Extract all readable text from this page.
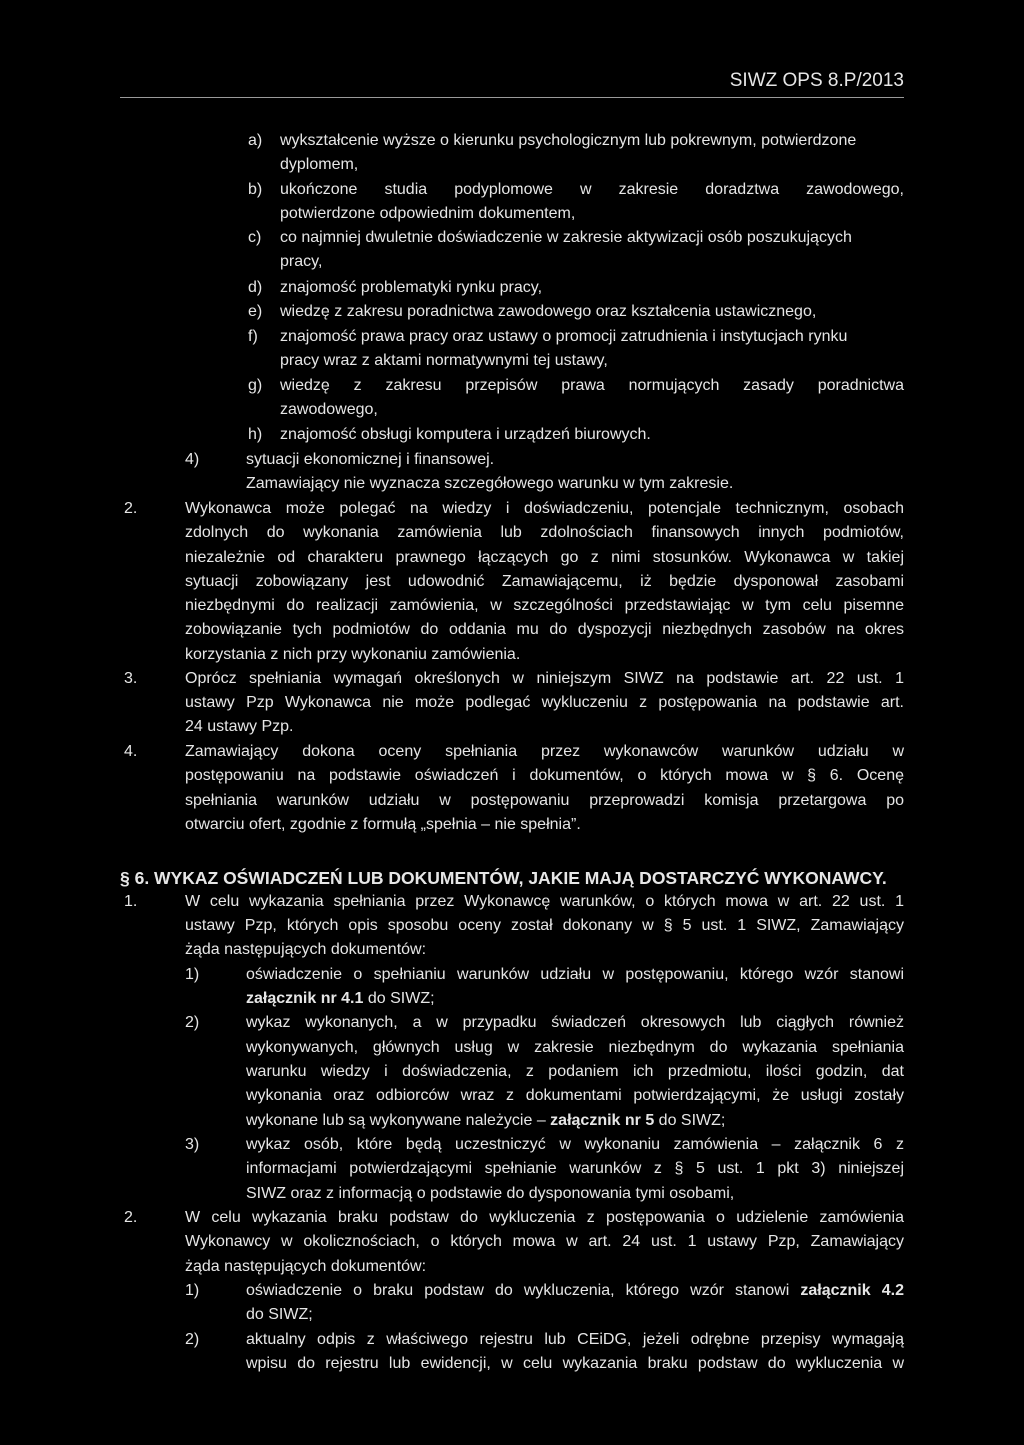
SIWZ OPS 8.P/2013
a) wykształcenie wyższe o kierunku psychologicznym lub pokrewnym, potwierdzone
dyplomem,
b) ukończone studia podyplomowe w zakresie doradztwa zawodowego,
potwierdzone odpowiednim dokumentem,
c) co najmniej dwuletnie doświadczenie w zakresie aktywizacji osób poszukujących
pracy,
d) znajomość problematyki rynku pracy,
e) wiedzę z zakresu poradnictwa zawodowego oraz kształcenia ustawicznego,
f) znajomość prawa pracy oraz ustawy o promocji zatrudnienia i instytucjach rynku
pracy wraz z aktami normatywnymi tej ustawy,
g) wiedzę z zakresu przepisów prawa normujących zasady poradnictwa
zawodowego,
h) znajomość obsługi komputera i urządzeń biurowych.
4)	sytuacji ekonomicznej i finansowej.
Zamawiający nie wyznacza szczegółowego warunku w tym zakresie.
2.	Wykonawca może polegać na wiedzy i doświadczeniu, potencjale technicznym, osobach
zdolnych do wykonania zamówienia lub zdolnościach finansowych innych podmiotów,
niezależnie od charakteru prawnego łączących go z nimi stosunków. Wykonawca w takiej
sytuacji zobowiązany jest udowodnić Zamawiającemu, iż będzie dysponował zasobami
niezbędnymi do realizacji zamówienia, w szczególności przedstawiając w tym celu pisemne
zobowiązanie tych podmiotów do oddania mu do dyspozycji niezbędnych zasobów na okres
korzystania z nich przy wykonaniu zamówienia.
3.	Oprócz spełniania wymagań określonych w niniejszym SIWZ na podstawie art. 22 ust. 1
ustawy Pzp Wykonawca nie może podlegać wykluczeniu z postępowania na podstawie art.
24 ustawy Pzp.
4.	Zamawiający dokona oceny spełniania przez wykonawców warunków udziału w
postępowaniu na podstawie oświadczeń i dokumentów, o których mowa w § 6. Ocenę
spełniania warunków udziału w postępowaniu przeprowadzi komisja przetargowa po
otwarciu ofert, zgodnie z formułą „spełnia – nie spełnia”.
§ 6. WYKAZ OŚWIADCZEŃ LUB DOKUMENTÓW, JAKIE MAJĄ DOSTARCZYĆ WYKONAWCY.
1.	W celu wykazania spełniania przez Wykonawcę warunków, o których mowa w art. 22 ust. 1
ustawy Pzp, których opis sposobu oceny został dokonany w § 5 ust. 1 SIWZ, Zamawiający
żąda następujących dokumentów:
1)	oświadczenie o spełnianiu warunków udziału w postępowaniu, którego wzór stanowi
załącznik nr 4.1 do SIWZ;
2)	wykaz wykonanych, a w przypadku świadczeń okresowych lub ciągłych również
wykonywanych, głównych usług w zakresie niezbędnym do wykazania spełniania
warunku wiedzy i doświadczenia, z podaniem ich przedmiotu, ilości godzin, dat
wykonania oraz odbiorców wraz z dokumentami potwierdzającymi, że usługi zostały
wykonane lub są wykonywane należycie – załącznik nr 5 do SIWZ;
3)	wykaz osób, które będą uczestniczyć w wykonaniu zamówienia – załącznik 6 z
informacjami potwierdzającymi spełnianie warunków z § 5 ust. 1 pkt 3) niniejszej
SIWZ oraz z informacją o podstawie do dysponowania tymi osobami,
2.	W celu wykazania braku podstaw do wykluczenia z postępowania o udzielenie zamówienia
Wykonawcy w okolicznościach, o których mowa w art. 24 ust. 1 ustawy Pzp, Zamawiający
żąda następujących dokumentów:
1)	oświadczenie o braku podstaw do wykluczenia, którego wzór stanowi załącznik 4.2
do SIWZ;
2)	aktualny odpis z właściwego rejestru lub CEiDG, jeżeli odrębne przepisy wymagają
wpisu do rejestru lub ewidencji, w celu wykazania braku podstaw do wykluczenia w
